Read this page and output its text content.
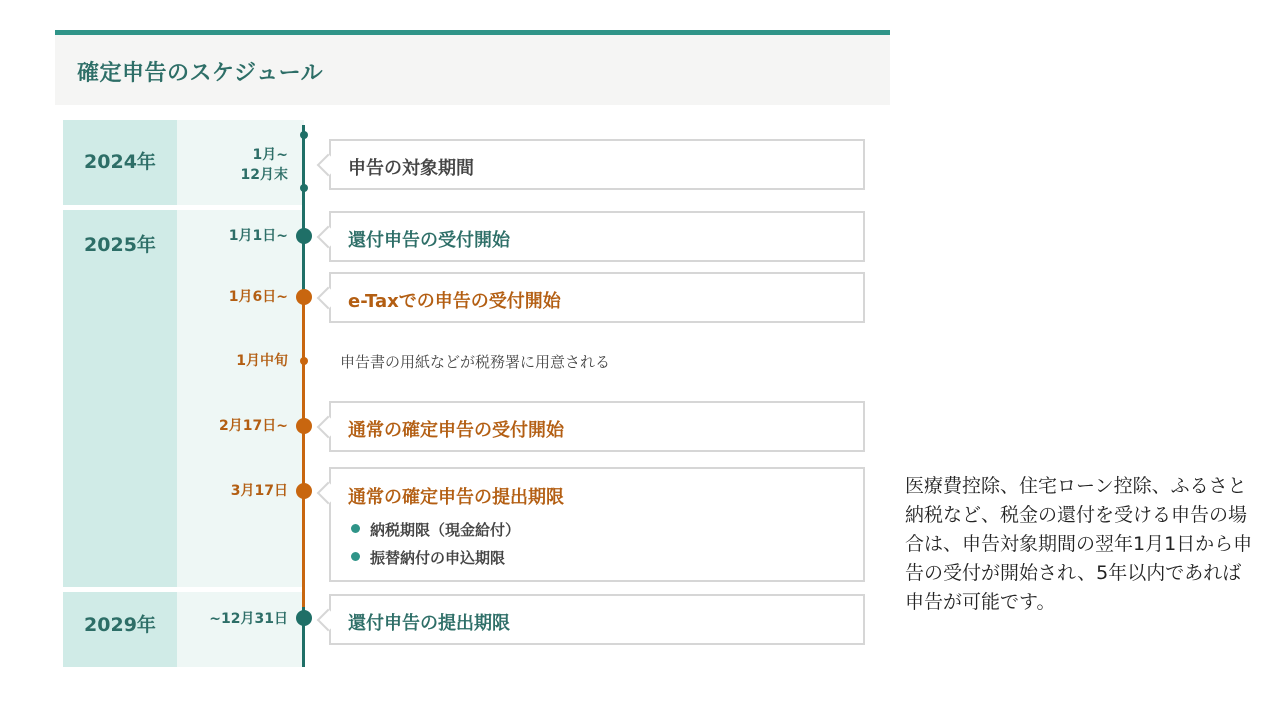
確定申告のスケジュール
2024年
2025年
2029年
1月~
12月末
1月1日~
1月6日~
1月中旬
2月17日~
3月17日
~12月31日
申告の対象期間
還付申告の受付開始
e-Taxでの申告の受付開始
申告書の用紙などが税務署に用意される
通常の確定申告の受付開始
通常の確定申告の提出期限
納税期限（現金給付）
振替納付の申込期限
還付申告の提出期限
医療費控除、住宅ローン控除、ふるさと納税など、税金の還付を受ける申告の場合は、申告対象期間の翌年1月1日から申告の受付が開始され、5年以内であれば申告が可能です。
